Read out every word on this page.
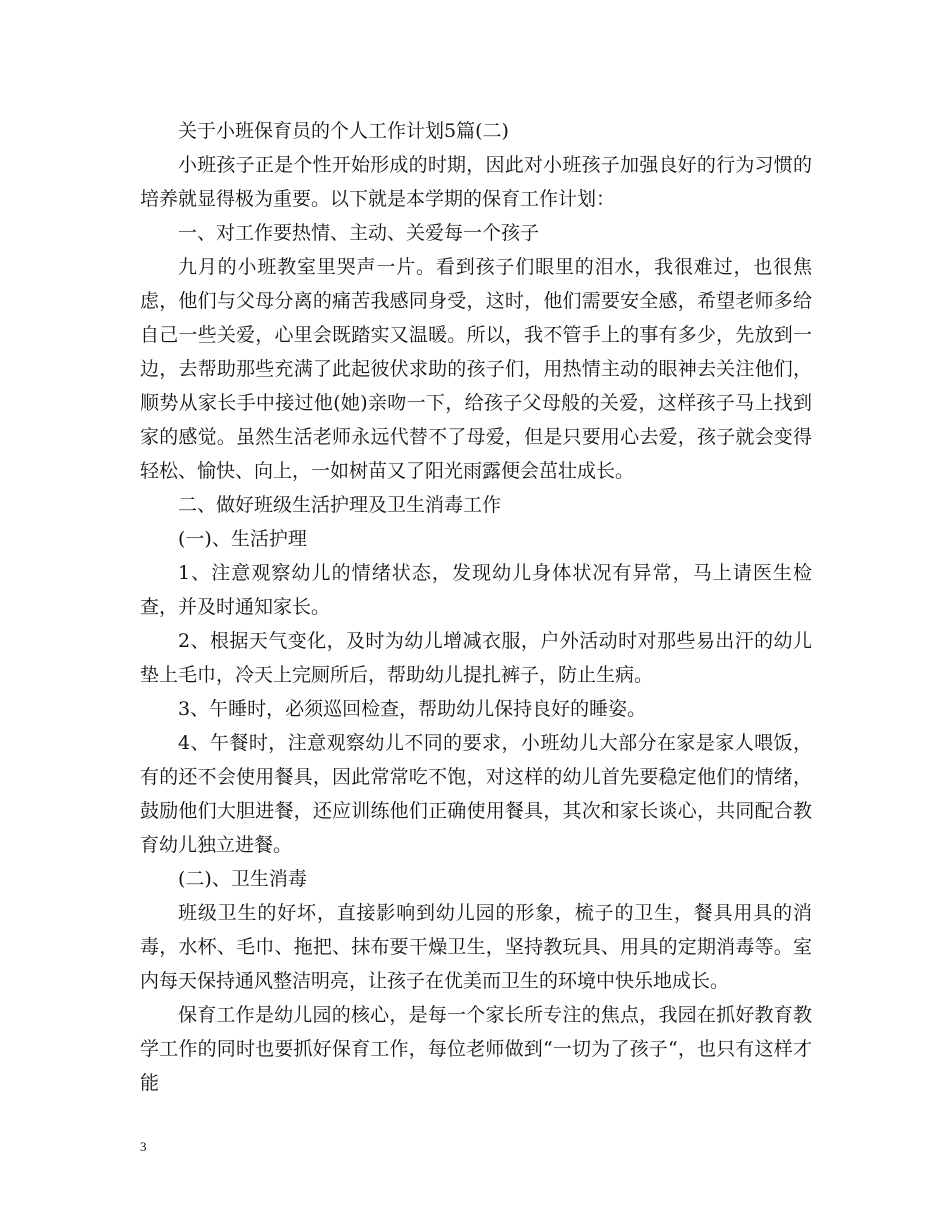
关于小班保育员的个人工作计划5篇(二)

小班孩子正是个性开始形成的时期，因此对小班孩子加强良好的行为习惯的培养就显得极为重要。以下就是本学期的保育工作计划：

一、对工作要热情、主动、关爱每一个孩子

九月的小班教室里哭声一片。看到孩子们眼里的泪水，我很难过，也很焦虑，他们与父母分离的痛苦我感同身受，这时，他们需要安全感，希望老师多给自己一些关爱，心里会既踏实又温暖。所以，我不管手上的事有多少，先放到一边，去帮助那些充满了此起彼伏求助的孩子们，用热情主动的眼神去关注他们，顺势从家长手中接过他(她)亲吻一下，给孩子父母般的关爱，这样孩子马上找到家的感觉。虽然生活老师永远代替不了母爱，但是只要用心去爱，孩子就会变得轻松、愉快、向上，一如树苗又了阳光雨露便会茁壮成长。

二、做好班级生活护理及卫生消毒工作

(一)、生活护理

1、注意观察幼儿的情绪状态，发现幼儿身体状况有异常，马上请医生检查，并及时通知家长。

2、根据天气变化，及时为幼儿增减衣服，户外活动时对那些易出汗的幼儿垫上毛巾，冷天上完厕所后，帮助幼儿提扎裤子，防止生病。

3、午睡时，必须巡回检查，帮助幼儿保持良好的睡姿。

4、午餐时，注意观察幼儿不同的要求，小班幼儿大部分在家是家人喂饭，有的还不会使用餐具，因此常常吃不饱，对这样的幼儿首先要稳定他们的情绪，鼓励他们大胆进餐，还应训练他们正确使用餐具，其次和家长谈心，共同配合教育幼儿独立进餐。

(二)、卫生消毒

班级卫生的好坏，直接影响到幼儿园的形象，梳子的卫生，餐具用具的消毒，水杯、毛巾、拖把、抹布要干燥卫生，坚持教玩具、用具的定期消毒等。室内每天保持通风整洁明亮，让孩子在优美而卫生的环境中快乐地成长。

保育工作是幼儿园的核心，是每一个家长所专注的焦点，我园在抓好教育教学工作的同时也要抓好保育工作，每位老师做到“一切为了孩子“，也只有这样才能

3
